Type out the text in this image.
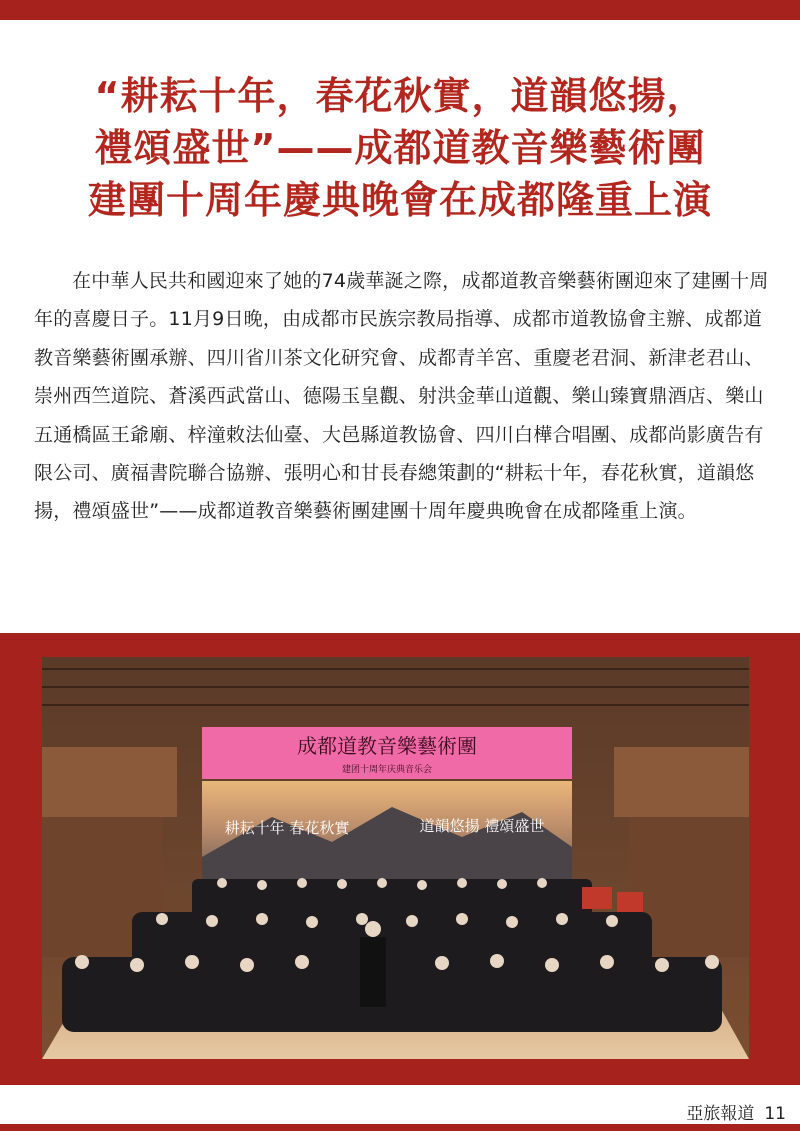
“耕耘十年，春花秋實，道韻悠揚，
禮頌盛世”——成都道教音樂藝術團
建團十周年慶典晚會在成都隆重上演

在中華人民共和國迎來了她的74歲華誕之際，成都道教音樂藝術團迎來了建團十周年的喜慶日子。11月9日晚，由成都市民族宗教局指導、成都市道教協會主辦、成都道教音樂藝術團承辦、四川省川茶文化研究會、成都青羊宮、重慶老君洞、新津老君山、崇州西竺道院、蒼溪西武當山、德陽玉皇觀、射洪金華山道觀、樂山臻寶鼎酒店、樂山五通橋區王爺廟、梓潼敕法仙臺、大邑縣道教協會、四川白樺合唱團、成都尚影廣告有限公司、廣福書院聯合協辦、張明心和甘長春總策劃的“耕耘十年，春花秋實，道韻悠揚，禮頌盛世”——成都道教音樂藝術團建團十周年慶典晚會在成都隆重上演。

成都道教音樂藝術團
建团十周年庆典音乐会
耕耘十年 春花秋實	道韻悠揚 禮頌盛世
亞旅報道 11
